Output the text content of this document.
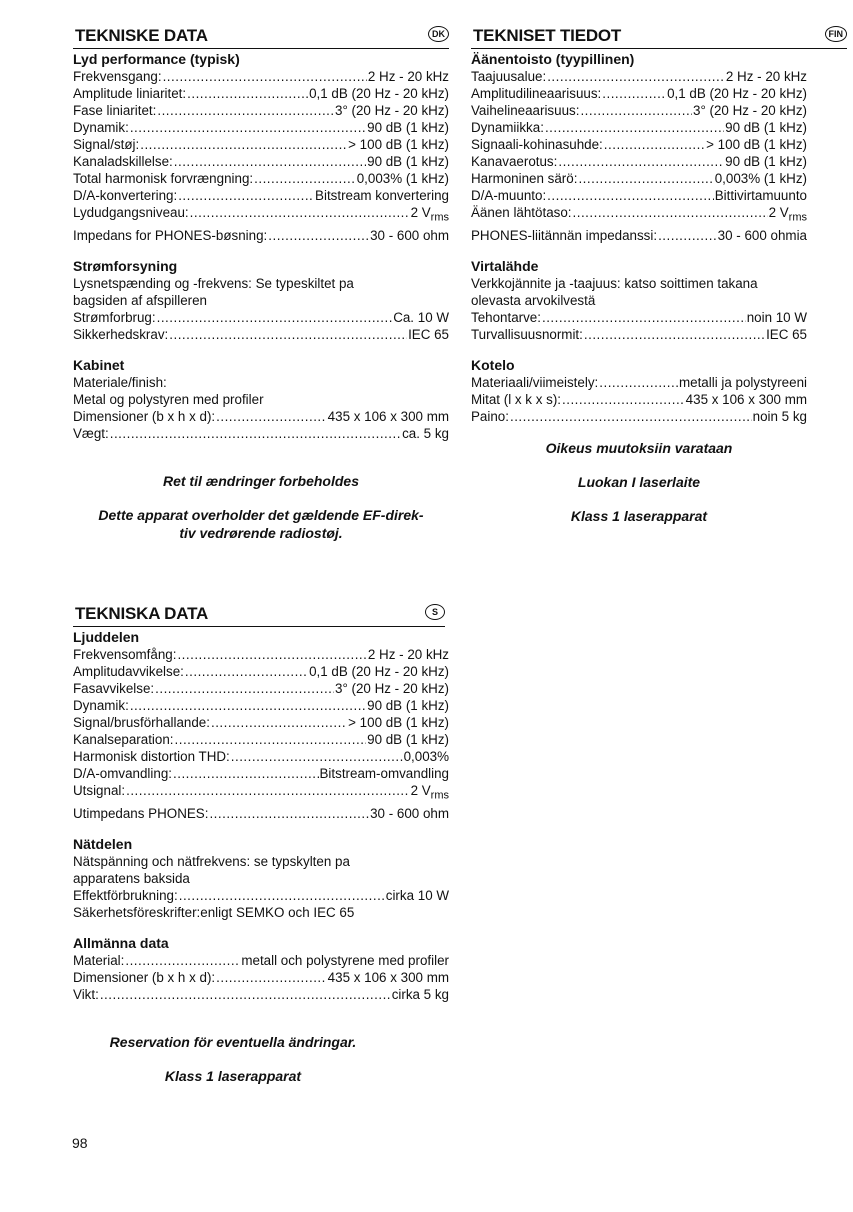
TEKNISKE DATA	DK
Lyd performance (typisk)
Frekvensgang: .....	2 Hz - 20 kHz
Amplitude liniaritet: .....	0,1 dB (20 Hz - 20 kHz)
Fase liniaritet: .....	3° (20 Hz - 20 kHz)
Dynamik: .....	90 dB (1 kHz)
Signal/støj: .....	> 100 dB (1 kHz)
Kanaladskillelse: .....	90 dB (1 kHz)
Total harmonisk forvrængning: .....	0,003% (1 kHz)
D/A-konvertering: .....	Bitstream konvertering
Lydudgangsniveau: .....	2 $V_{rms}$
Impedans for PHONES-bøsning: .....	30 - 600 ohm
Strømforsyning
Lysnetspænding og -frekvens: Se typeskiltet pa
bagsiden af afspilleren
Strømforbrug: .....	Ca. 10 W
Sikkerhedskrav: .....	IEC 65
Kabinet
Materiale/finish:
Metal og polystyren med profiler
Dimensioner (b x h x d): .....	435 x 106 x 300 mm
Vægt: .....	ca. 5 kg
Ret til ændringer forbeholdes
Dette apparat overholder det gældende EF-direk-
tiv vedrørende radiostøj.
TEKNISET TIEDOT	FIN
Äänentoisto (tyypillinen)
Taajuusalue: .....	2 Hz - 20 kHz
Amplitudilineaarisuus: .....	0,1 dB (20 Hz - 20 kHz)
Vaihelineaarisuus: .....	3° (20 Hz - 20 kHz)
Dynamiikka: .....	90 dB (1 kHz)
Signaali-kohinasuhde: .....	> 100 dB (1 kHz)
Kanavaerotus: .....	90 dB (1 kHz)
Harmoninen särö: .....	0,003% (1 kHz)
D/A-muunto: .....	Bittivirtamuunto
Äänen lähtötaso: .....	2 $V_{rms}$
PHONES-liitännän impedanssi: .....	30 - 600 ohmia
Virtalähde
Verkkojännite ja -taajuus: katso soittimen takana
olevasta arvokilvestä
Tehontarve: .....	noin 10 W
Turvallisuusnormit: .....	IEC 65
Kotelo
Materiaali/viimeistely: .....	metalli ja polystyreeni
Mitat (l x k x s): .....	435 x 106 x 300 mm
Paino: .....	noin 5 kg
Oikeus muutoksiin varataan
Luokan I laserlaite
Klass 1 laserapparat
TEKNISKA DATA	S
Ljuddelen
Frekvensomfång: .....	2 Hz - 20 kHz
Amplitudavvikelse: .....	0,1 dB (20 Hz - 20 kHz)
Fasavvikelse: .....	3° (20 Hz - 20 kHz)
Dynamik: .....	90 dB (1 kHz)
Signal/brusförhallande: .....	> 100 dB (1 kHz)
Kanalseparation: .....	90 dB (1 kHz)
Harmonisk distortion THD: .....	0,003%
D/A-omvandling: .....	Bitstream-omvandling
Utsignal: .....	2 $V_{rms}$
Utimpedans PHONES: .....	30 - 600 ohm
Nätdelen
Nätspänning och nätfrekvens: se typskylten pa
apparatens baksida
Effektförbrukning: .....	cirka 10 W
Säkerhetsföreskrifter:enligt SEMKO och IEC 65
Allmänna data
Material: .....	metall och polystyrene med profiler
Dimensioner (b x h x d): .....	435 x 106 x 300 mm
Vikt: .....	cirka 5 kg
Reservation för eventuella ändringar.
Klass 1 laserapparat
98
